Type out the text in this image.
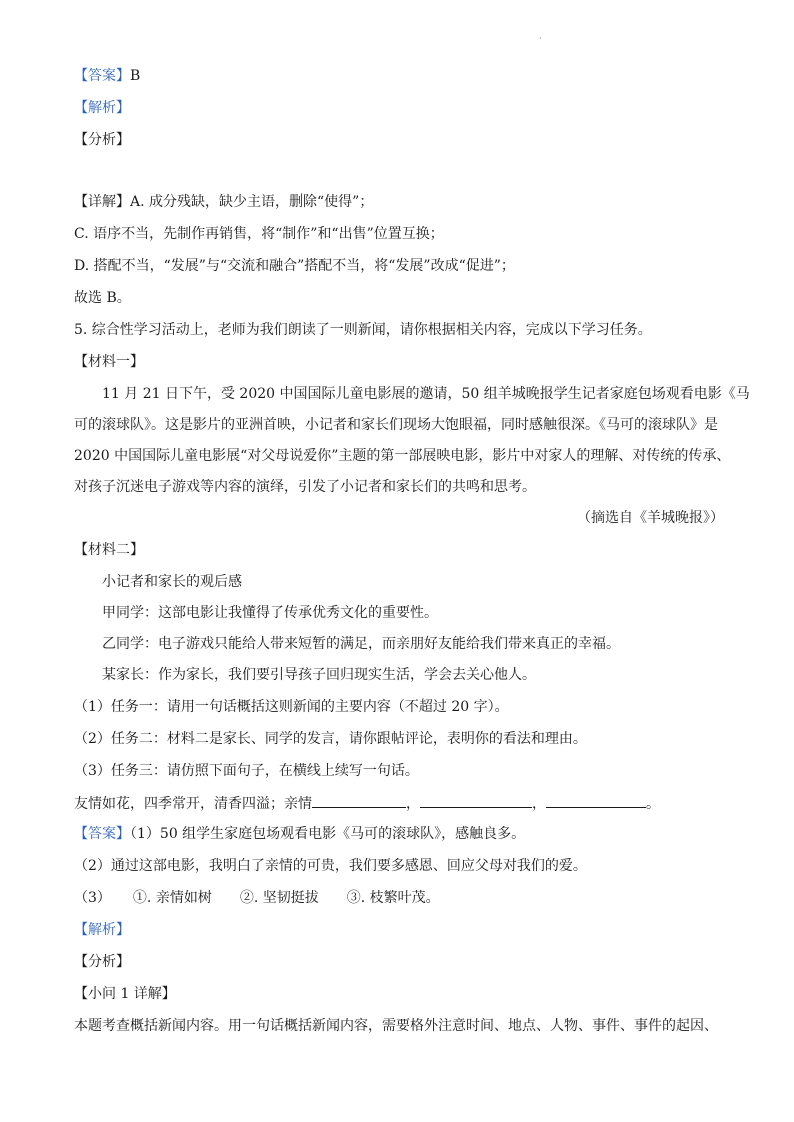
·
【答案】B
【解析】
【分析】
【详解】A. 成分残缺，缺少主语，删除“使得”；
C. 语序不当，先制作再销售，将“制作”和“出售”位置互换；
D. 搭配不当，“发展”与“交流和融合”搭配不当，将“发展”改成“促进”；
故选 B。
5. 综合性学习活动上，老师为我们朗读了一则新闻，请你根据相关内容，完成以下学习任务。
【材料一】
11 月 21 日下午，受 2020 中国国际儿童电影展的邀请，50 组羊城晚报学生记者家庭包场观看电影《马
可的滚球队》。这是影片的亚洲首映，小记者和家长们现场大饱眼福，同时感触很深。《马可的滚球队》是
2020 中国国际儿童电影展“对父母说爱你”主题的第一部展映电影，影片中对家人的理解、对传统的传承、
对孩子沉迷电子游戏等内容的演绎，引发了小记者和家长们的共鸣和思考。
（摘选自《羊城晚报》）
【材料二】
小记者和家长的观后感
甲同学：这部电影让我懂得了传承优秀文化的重要性。
乙同学：电子游戏只能给人带来短暂的满足，而亲朋好友能给我们带来真正的幸福。
某家长：作为家长，我们要引导孩子回归现实生活，学会去关心他人。
（1）任务一：请用一句话概括这则新闻的主要内容（不超过 20 字）。
（2）任务二：材料二是家长、同学的发言，请你跟帖评论，表明你的看法和理由。
（3）任务三：请仿照下面句子，在横线上续写一句话。
友情如花，四季常开，清香四溢；亲情	，	，	。
【答案】（1）50 组学生家庭包场观看电影《马可的滚球队》，感触良多。
（2）通过这部电影，我明白了亲情的可贵，我们要多感恩、回应父母对我们的爱。
（3） ①. 亲情如树 ②. 坚韧挺拔 ③. 枝繁叶茂。
【解析】
【分析】
【小问 1 详解】
本题考查概括新闻内容。用一句话概括新闻内容，需要格外注意时间、地点、人物、事件、事件的起因、
